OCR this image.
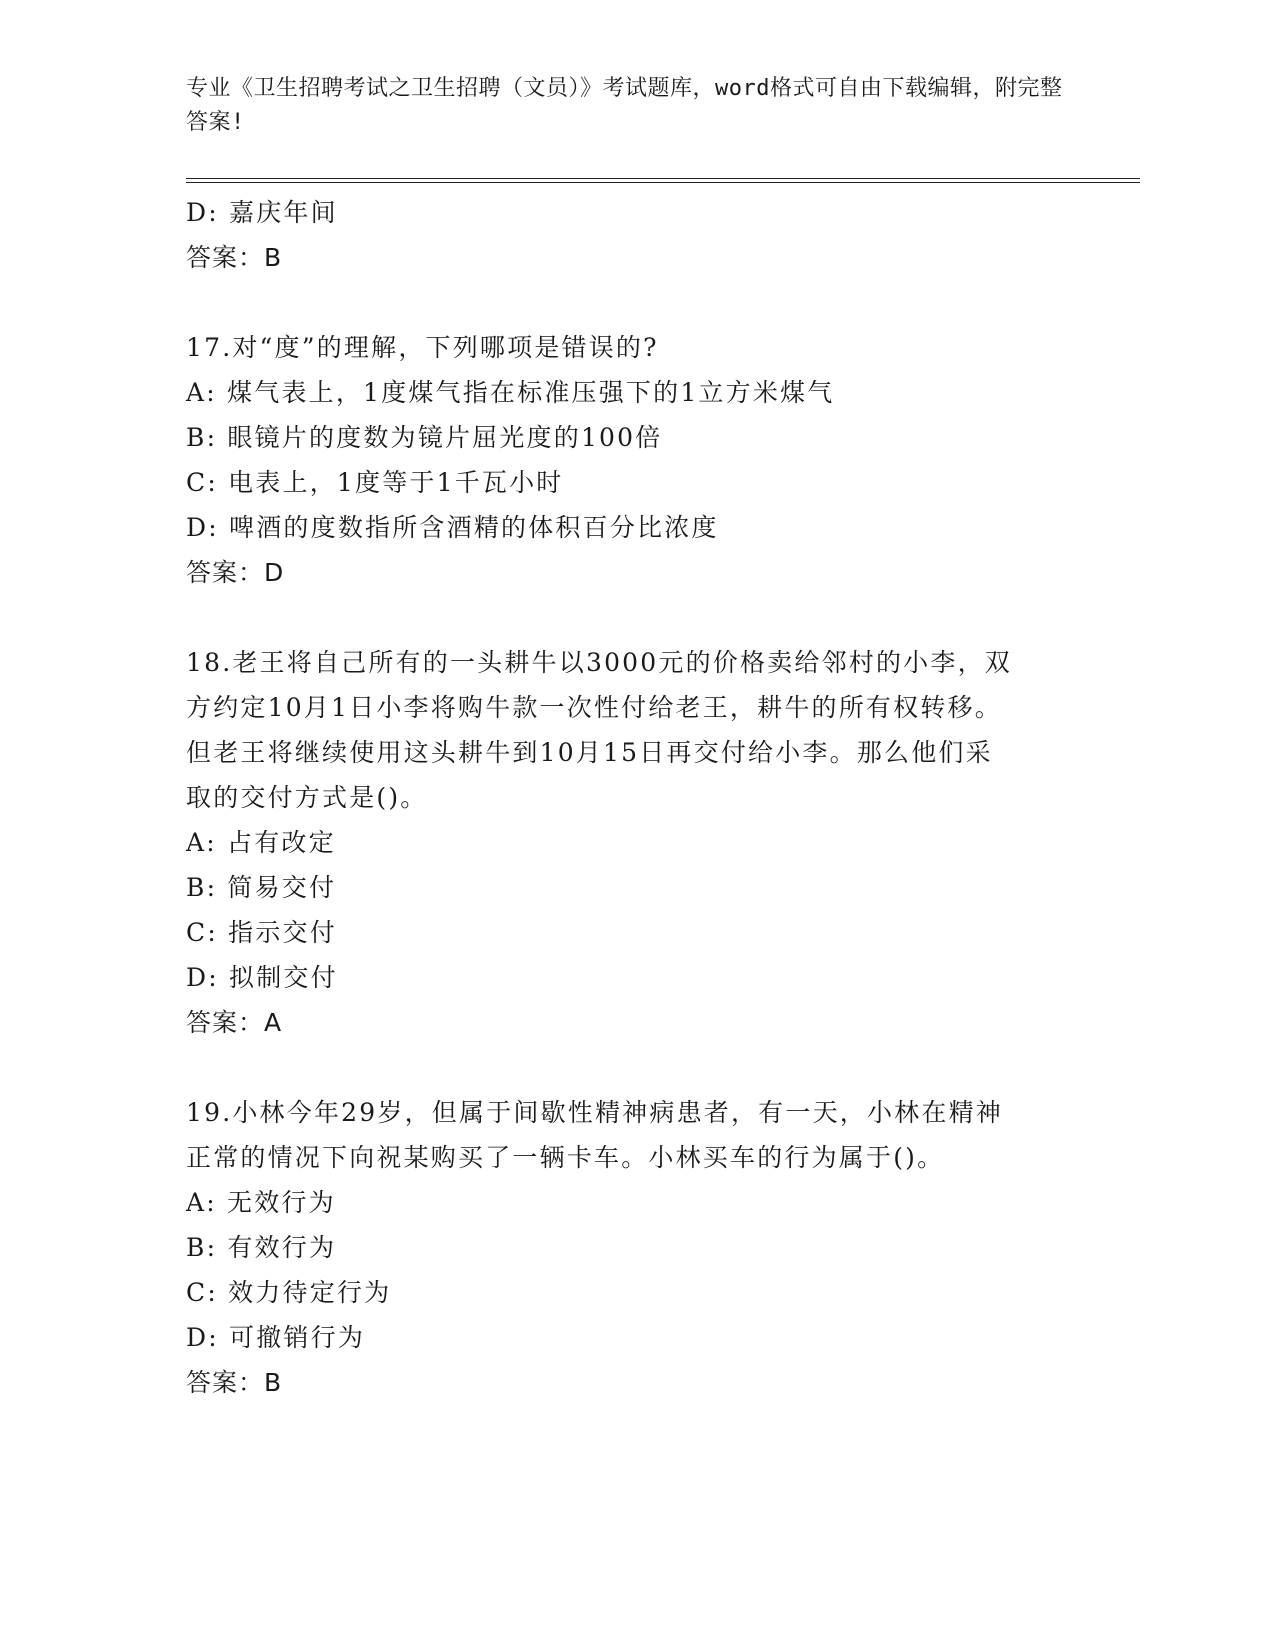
专业《卫生招聘考试之卫生招聘（文员）》考试题库，word格式可自由下载编辑，附完整答案!
D: 嘉庆年间
答案：B
17.对“度”的理解，下列哪项是错误的?
A: 煤气表上，1度煤气指在标准压强下的1立方米煤气
B: 眼镜片的度数为镜片屈光度的100倍
C: 电表上，1度等于1千瓦小时
D: 啤酒的度数指所含酒精的体积百分比浓度
答案：D
18.老王将自己所有的一头耕牛以3000元的价格卖给邻村的小李，双
方约定10月1日小李将购牛款一次性付给老王，耕牛的所有权转移。
但老王将继续使用这头耕牛到10月15日再交付给小李。那么他们采
取的交付方式是()。
A: 占有改定
B: 简易交付
C: 指示交付
D: 拟制交付
答案：A
19.小林今年29岁，但属于间歇性精神病患者，有一天，小林在精神
正常的情况下向祝某购买了一辆卡车。小林买车的行为属于()。
A: 无效行为
B: 有效行为
C: 效力待定行为
D: 可撤销行为
答案：B
